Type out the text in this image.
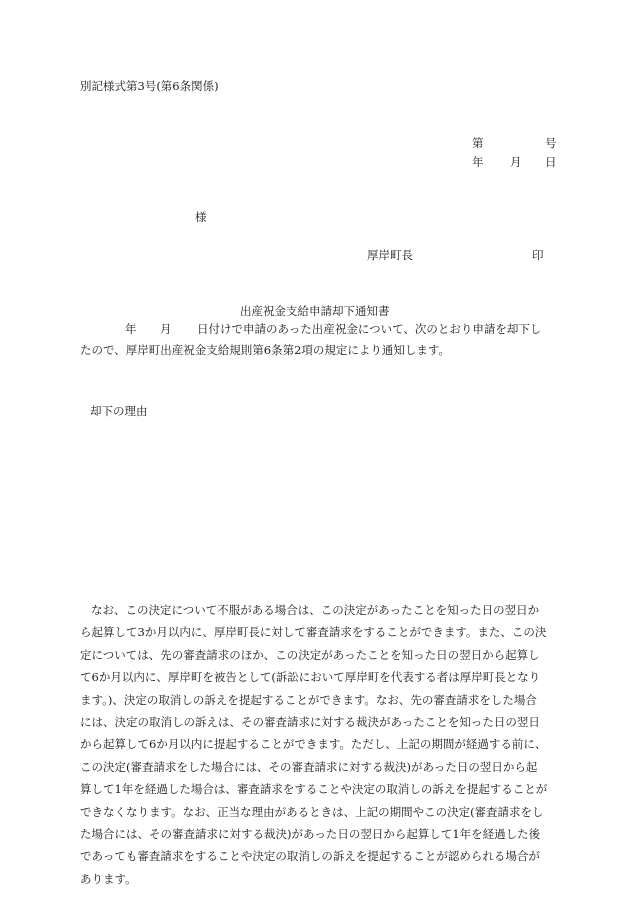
別記様式第3号(第6条関係)
第	号
年 月 日
様
厚岸町長	印
出産祝金支給申請却下通知書
年 月 日付けで申請のあった出産祝金について、次のとおり申請を却下し
たので、厚岸町出産祝金支給規則第6条第2項の規定により通知します。
却下の理由
なお、この決定について不服がある場合は、この決定があったことを知った日の翌日か
ら起算して3か月以内に、厚岸町長に対して審査請求をすることができます。また、この決
定については、先の審査請求のほか、この決定があったことを知った日の翌日から起算し
て6か月以内に、厚岸町を被告として(訴訟において厚岸町を代表する者は厚岸町長となり
ます。)、決定の取消しの訴えを提起することができます。なお、先の審査請求をした場合
には、決定の取消しの訴えは、その審査請求に対する裁決があったことを知った日の翌日
から起算して6か月以内に提起することができます。ただし、上記の期間が経過する前に、
この決定(審査請求をした場合には、その審査請求に対する裁決)があった日の翌日から起
算して1年を経過した場合は、審査請求をすることや決定の取消しの訴えを提起することが
できなくなります。なお、正当な理由があるときは、上記の期間やこの決定(審査請求をし
た場合には、その審査請求に対する裁決)があった日の翌日から起算して1年を経過した後
であっても審査請求をすることや決定の取消しの訴えを提起することが認められる場合が
あります。
